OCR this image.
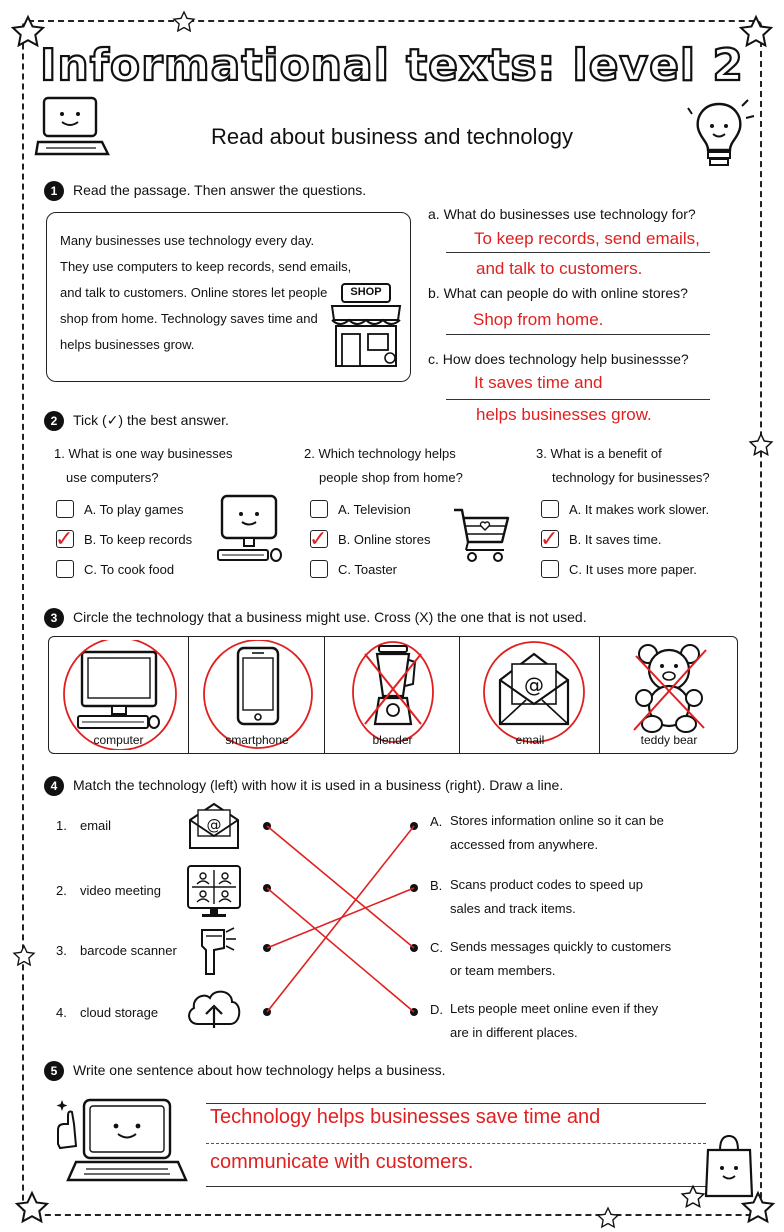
Informational texts: level 2
Read about business and technology
1	Read the passage. Then answer the questions.
Many businesses use technology every day.
They use computers to keep records, send emails,
and talk to customers. Online stores let people
shop from home. Technology saves time and
helps businesses grow.
SHOP
a. What do businesses use technology for?
To keep records, send emails,
and talk to customers.
b. What can people do with online stores?
Shop from home.
c. How does technology help businessse?
It saves time and
helps businesses grow.
2	Tick (✓) the best answer.
1. What is one way businesses
use computers?
A. To play games
✓ B. To keep records
C. To cook food
2. Which technology helps
people shop from home?
A. Television
✓ B. Online stores
C. Toaster
3. What is a benefit of
technology for businesses?
A. It makes work slower.
✓ B. It saves time.
C. It uses more paper.
3	Circle the technology that a business might use. Cross (X) the one that is not used.
computer	smartphone	blender
@
email	teddy bear
4	Match the technology (left) with how it is used in a business (right). Draw a line.
1. email
2. video meeting
3. barcode scanner
4. cloud storage
@	A. Stores information online so it can be
accessed from anywhere.
B. Scans product codes to speed up
sales and track items.
C. Sends messages quickly to customers
or team members.
D. Lets people meet online even if they
are in different places.
5	Write one sentence about how technology helps a business.
Technology helps businesses save time and
communicate with customers.
